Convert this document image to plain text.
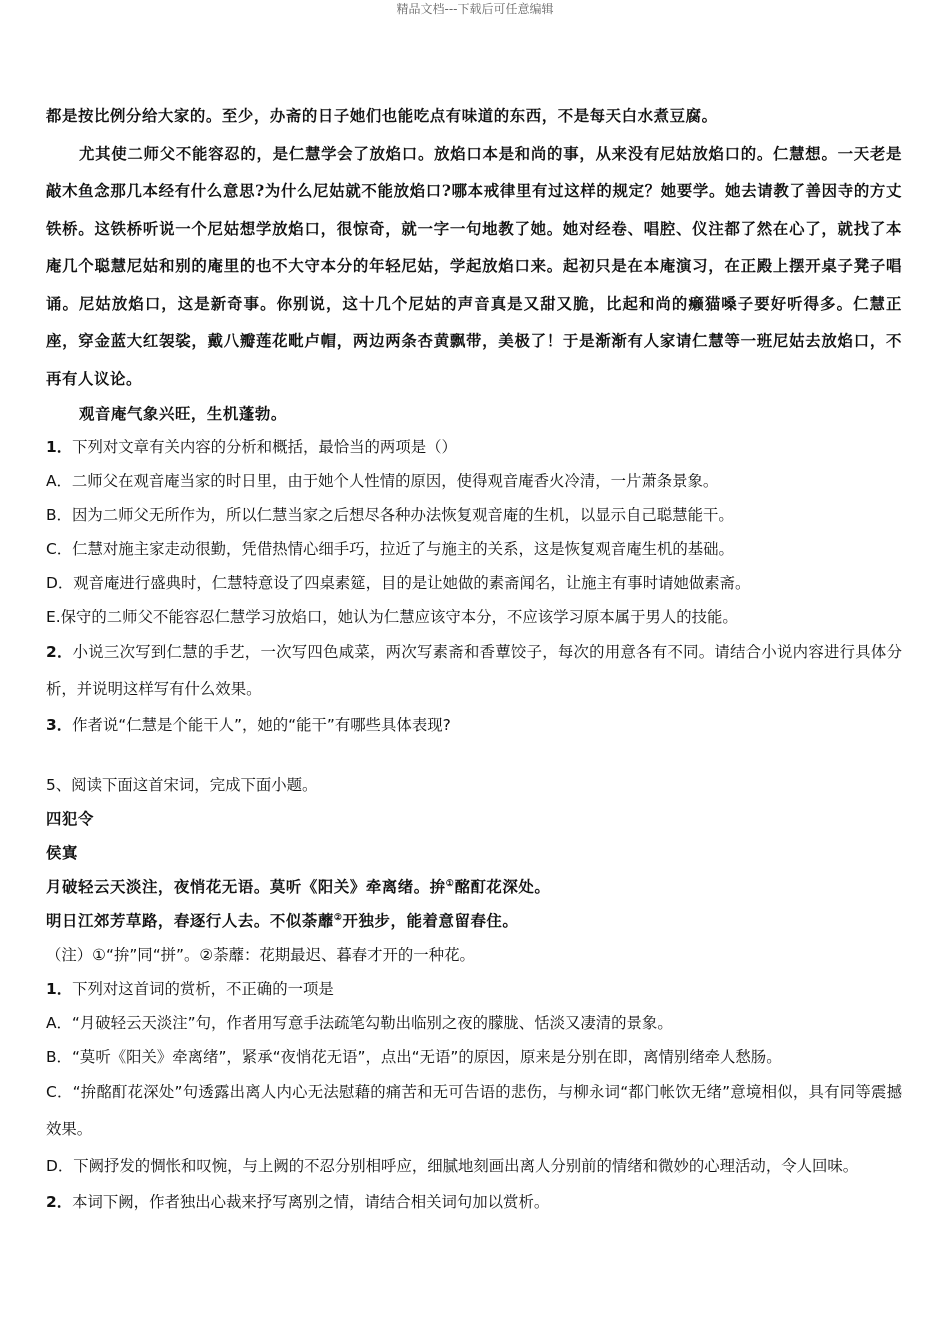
精品文档---下载后可任意编辑

都是按比例分给大家的。至少，办斋的日子她们也能吃点有味道的东西，不是每天白水煮豆腐。

尤其使二师父不能容忍的，是仁慧学会了放焰口。放焰口本是和尚的事，从来没有尼姑放焰口的。仁慧想。一天老是敲木鱼念那几本经有什么意思?为什么尼姑就不能放焰口?哪本戒律里有过这样的规定？她要学。她去请教了善因寺的方丈铁桥。这铁桥听说一个尼姑想学放焰口，很惊奇，就一字一句地教了她。她对经卷、唱腔、仪注都了然在心了，就找了本庵几个聪慧尼姑和别的庵里的也不大守本分的年轻尼姑，学起放焰口来。起初只是在本庵演习，在正殿上摆开桌子凳子唱诵。尼姑放焰口，这是新奇事。你别说，这十几个尼姑的声音真是又甜又脆，比起和尚的癞猫嗓子要好听得多。仁慧正座，穿金蓝大红袈裟，戴八瓣莲花毗卢帽，两边两条杏黄飘带，美极了！于是渐渐有人家请仁慧等一班尼姑去放焰口，不再有人议论。

观音庵气象兴旺，生机蓬勃。

1．下列对文章有关内容的分析和概括，最恰当的两项是（）

A．二师父在观音庵当家的时日里，由于她个人性情的原因，使得观音庵香火冷清，一片萧条景象。

B．因为二师父无所作为，所以仁慧当家之后想尽各种办法恢复观音庵的生机，以显示自己聪慧能干。

C．仁慧对施主家走动很勤，凭借热情心细手巧，拉近了与施主的关系，这是恢复观音庵生机的基础。

D．观音庵进行盛典时，仁慧特意设了四桌素筵，目的是让她做的素斋闻名，让施主有事时请她做素斋。

E.保守的二师父不能容忍仁慧学习放焰口，她认为仁慧应该守本分，不应该学习原本属于男人的技能。

2．小说三次写到仁慧的手艺，一次写四色咸菜，两次写素斋和香蕈饺子，每次的用意各有不同。请结合小说内容进行具体分析，并说明这样写有什么效果。

3．作者说“仁慧是个能干人”，她的“能干”有哪些具体表现?

5、阅读下面这首宋词，完成下面小题。

四犯令

侯寘

月破轻云天淡注，夜悄花无语。莫听《阳关》牵离绪。拚①酩酊花深处。

明日江郊芳草路，春逐行人去。不似荼蘼②开独步，能着意留春住。

（注）①“拚”同“拼”。②荼蘼：花期最迟、暮春才开的一种花。

1．下列对这首词的赏析，不正确的一项是

A．“月破轻云天淡注”句，作者用写意手法疏笔勾勒出临别之夜的朦胧、恬淡又凄清的景象。

B．“莫听《阳关》牵离绪”，紧承“夜悄花无语”，点出“无语”的原因，原来是分别在即，离情别绪牵人愁肠。

C．“拚酩酊花深处”句透露出离人内心无法慰藉的痛苦和无可告语的悲伤，与柳永词“都门帐饮无绪”意境相似，具有同等震撼效果。

D．下阙抒发的惆怅和叹惋，与上阙的不忍分别相呼应，细腻地刻画出离人分别前的情绪和微妙的心理活动，令人回味。

2．本词下阙，作者独出心裁来抒写离别之情，请结合相关词句加以赏析。
